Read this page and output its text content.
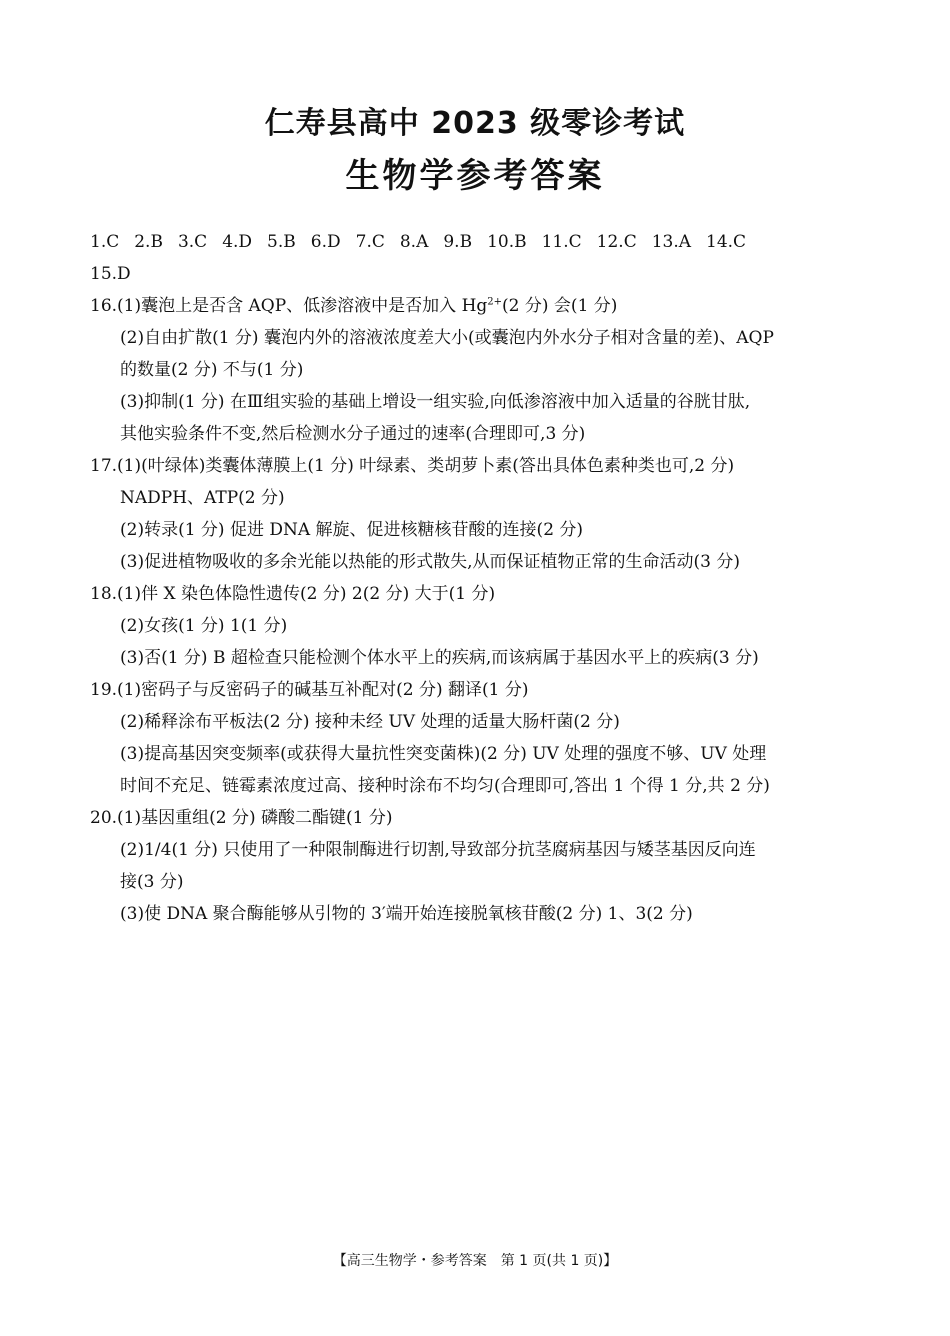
仁寿县高中 2023 级零诊考试
生物学参考答案
1.C 2.B 3.C 4.D 5.B 6.D 7.C 8.A 9.B 10.B 11.C 12.C 13.A 14.C
15.D
16.(1)囊泡上是否含 AQP、低渗溶液中是否加入 $Hg^{2+}(2$ 分) 会(1 分)
(2)自由扩散(1 分) 囊泡内外的溶液浓度差大小(或囊泡内外水分子相对含量的差)、AQP
的数量(2 分) 不与(1 分)
(3)抑制(1 分) 在Ⅲ组实验的基础上增设一组实验,向低渗溶液中加入适量的谷胱甘肽,
其他实验条件不变,然后检测水分子通过的速率(合理即可,3 分)
17.(1)(叶绿体)类囊体薄膜上(1 分) 叶绿素、类胡萝卜素(答出具体色素种类也可,2 分)
NADPH、ATP(2 分)
(2)转录(1 分) 促进 DNA 解旋、促进核糖核苷酸的连接(2 分)
(3)促进植物吸收的多余光能以热能的形式散失,从而保证植物正常的生命活动(3 分)
18.(1)伴 X 染色体隐性遗传(2 分) 2(2 分) 大于(1 分)
(2)女孩(1 分) 1(1 分)
(3)否(1 分) B 超检查只能检测个体水平上的疾病,而该病属于基因水平上的疾病(3 分)
19.(1)密码子与反密码子的碱基互补配对(2 分) 翻译(1 分)
(2)稀释涂布平板法(2 分) 接种未经 UV 处理的适量大肠杆菌(2 分)
(3)提高基因突变频率(或获得大量抗性突变菌株)(2 分) UV 处理的强度不够、UV 处理
时间不充足、链霉素浓度过高、接种时涂布不均匀(合理即可,答出 1 个得 1 分,共 2 分)
20.(1)基因重组(2 分) 磷酸二酯键(1 分)
(2)1/4(1 分) 只使用了一种限制酶进行切割,导致部分抗茎腐病基因与矮茎基因反向连
接(3 分)
(3)使 DNA 聚合酶能够从引物的 3′端开始连接脱氧核苷酸(2 分) 1、3(2 分)
【高三生物学・参考答案　第 1 页(共 1 页)】
